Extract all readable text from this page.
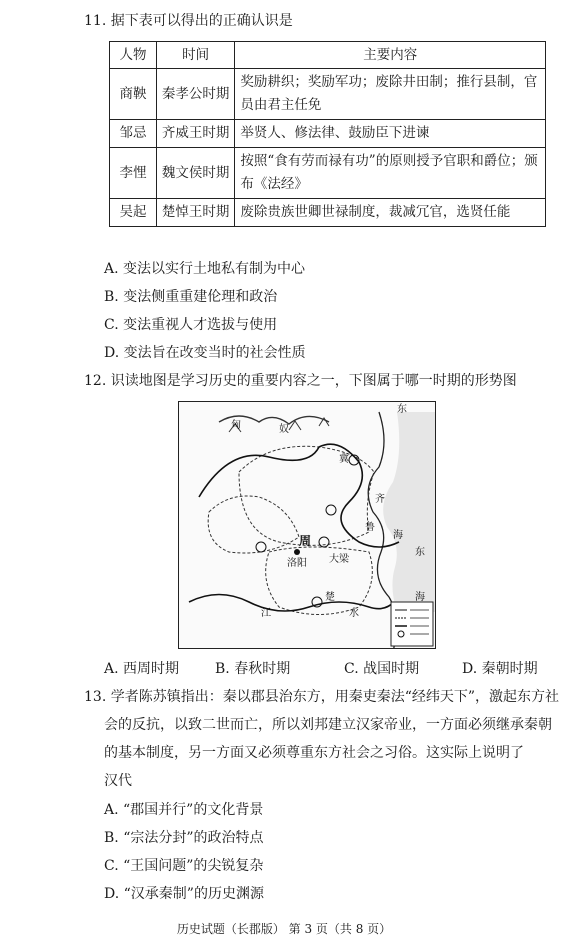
11. 据下表可以得出的正确认识是
人物	时间	主要内容
商鞅	秦孝公时期	奖励耕织；奖励军功；废除井田制；推行县制，官员由君主任免
邹忌	齐威王时期	举贤人、修法律、鼓励臣下进谏
李悝	魏文侯时期	按照“食有劳而禄有功”的原则授予官职和爵位；颁布《法经》
吴起	楚悼王时期	废除贵族世卿世禄制度，裁减冗官，选贤任能
A. 变法以实行土地私有制为中心
B. 变法侧重重建伦理和政治
C. 变法重视人才选拔与使用
D. 变法旨在改变当时的社会性质
12. 识读地图是学习历史的重要内容之一，下图属于哪一时期的形势图
匈	奴
东
海
东
海
周
洛阳
江	水
冀
齐
楚
大梁
鲁
A. 西周时期	B. 春秋时期	C. 战国时期	D. 秦朝时期
13. 学者陈苏镇指出：秦以郡县治东方，用秦吏秦法“经纬天下”，激起东方社
会的反抗，以致二世而亡，所以刘邦建立汉家帝业，一方面必须继承秦朝
的基本制度，另一方面又必须尊重东方社会之习俗。这实际上说明了
汉代
A. “郡国并行”的文化背景
B. “宗法分封”的政治特点
C. “王国问题”的尖锐复杂
D. “汉承秦制”的历史渊源
历史试题（长郡版） 第 3 页（共 8 页）
